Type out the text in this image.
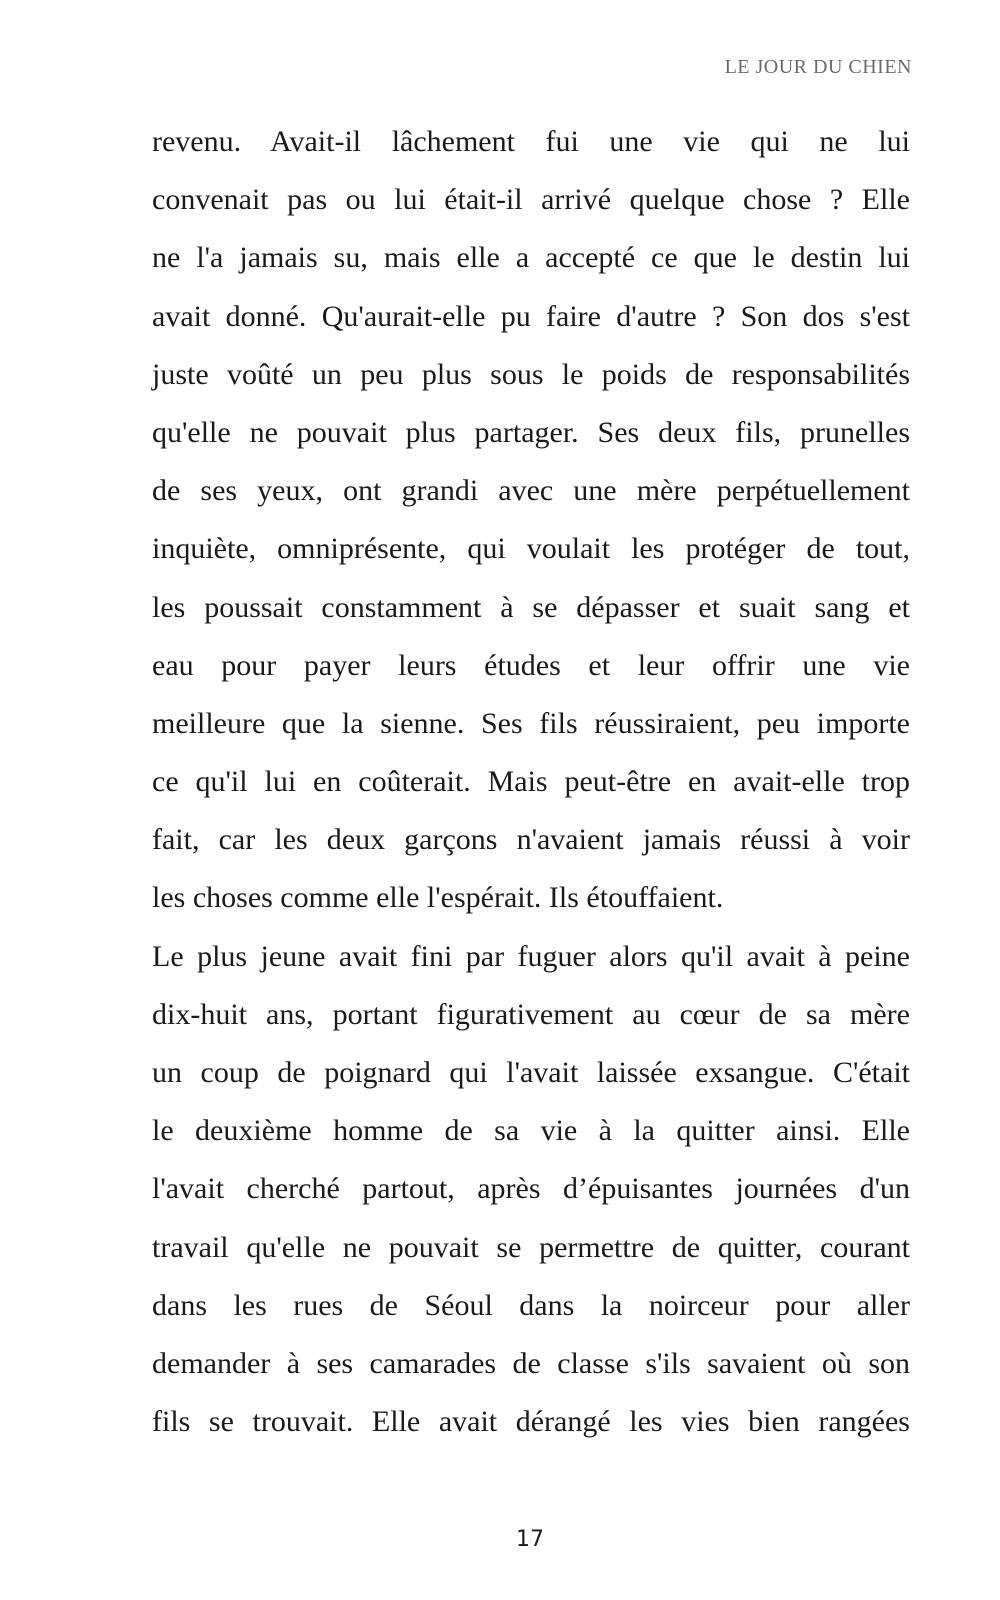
LE JOUR DU CHIEN
revenu. Avait-il lâchement fui une vie qui ne lui
convenait pas ou lui était-il arrivé quelque chose ? Elle
ne l'a jamais su, mais elle a accepté ce que le destin lui
avait donné. Qu'aurait-elle pu faire d'autre ? Son dos s'est
juste voûté un peu plus sous le poids de responsabilités
qu'elle ne pouvait plus partager. Ses deux fils, prunelles
de ses yeux, ont grandi avec une mère perpétuellement
inquiète, omniprésente, qui voulait les protéger de tout,
les poussait constamment à se dépasser et suait sang et
eau pour payer leurs études et leur offrir une vie
meilleure que la sienne. Ses fils réussiraient, peu importe
ce qu'il lui en coûterait. Mais peut-être en avait-elle trop
fait, car les deux garçons n'avaient jamais réussi à voir
les choses comme elle l'espérait. Ils étouffaient.
Le plus jeune avait fini par fuguer alors qu'il avait à peine
dix-huit ans, portant figurativement au cœur de sa mère
un coup de poignard qui l'avait laissée exsangue. C'était
le deuxième homme de sa vie à la quitter ainsi. Elle
l'avait cherché partout, après d’épuisantes journées d'un
travail qu'elle ne pouvait se permettre de quitter, courant
dans les rues de Séoul dans la noirceur pour aller
demander à ses camarades de classe s'ils savaient où son
fils se trouvait. Elle avait dérangé les vies bien rangées
17
